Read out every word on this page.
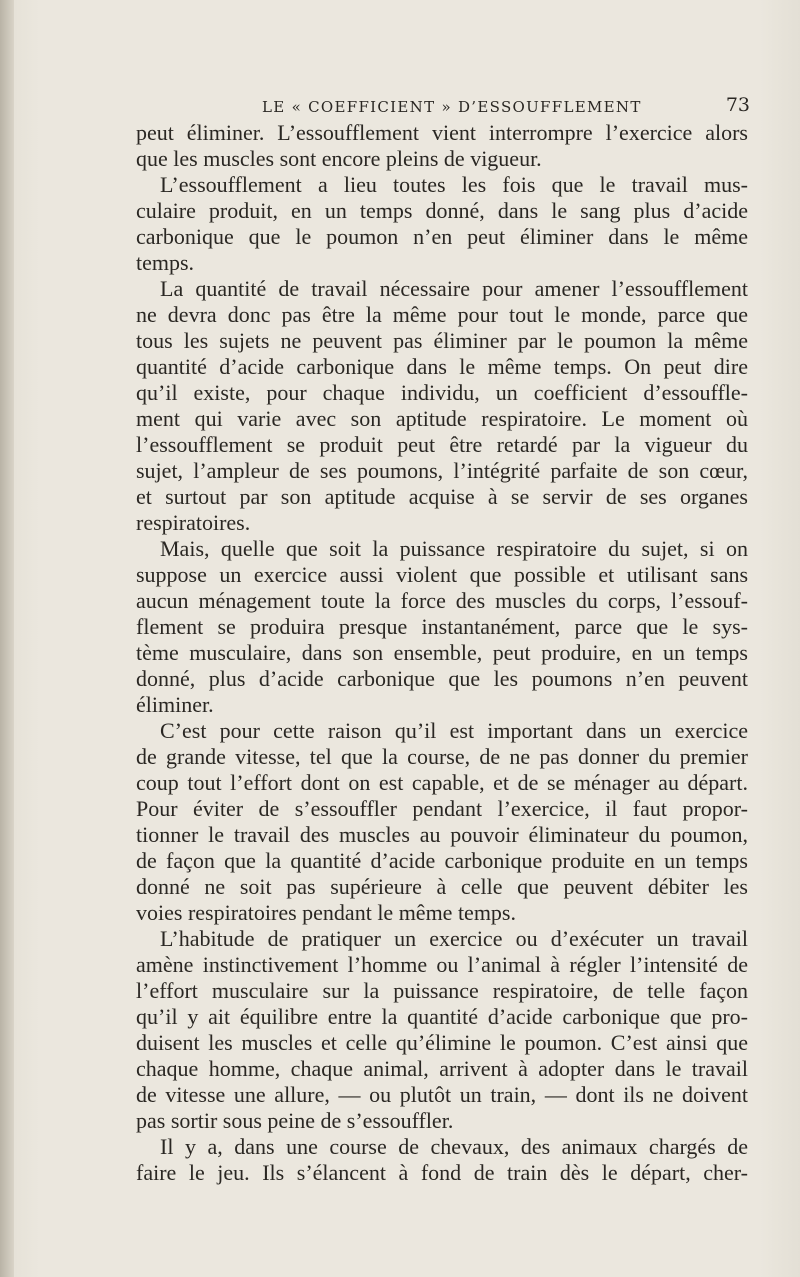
LE « COEFFICIENT » D’ESSOUFFLEMENT	73
peut éliminer. L’essoufflement vient interrompre l’exercice alors
que les muscles sont encore pleins de vigueur.
L’essoufflement a lieu toutes les fois que le travail mus-
culaire produit, en un temps donné, dans le sang plus d’acide
carbonique que le poumon n’en peut éliminer dans le même
temps.
La quantité de travail nécessaire pour amener l’essoufflement
ne devra donc pas être la même pour tout le monde, parce que
tous les sujets ne peuvent pas éliminer par le poumon la même
quantité d’acide carbonique dans le même temps. On peut dire
qu’il existe, pour chaque individu, un coefficient d’essouffle-
ment qui varie avec son aptitude respiratoire. Le moment où
l’essoufflement se produit peut être retardé par la vigueur du
sujet, l’ampleur de ses poumons, l’intégrité parfaite de son cœur,
et surtout par son aptitude acquise à se servir de ses organes
respiratoires.
Mais, quelle que soit la puissance respiratoire du sujet, si on
suppose un exercice aussi violent que possible et utilisant sans
aucun ménagement toute la force des muscles du corps, l’essouf-
flement se produira presque instantanément, parce que le sys-
tème musculaire, dans son ensemble, peut produire, en un temps
donné, plus d’acide carbonique que les poumons n’en peuvent
éliminer.
C’est pour cette raison qu’il est important dans un exercice
de grande vitesse, tel que la course, de ne pas donner du premier
coup tout l’effort dont on est capable, et de se ménager au départ.
Pour éviter de s’essouffler pendant l’exercice, il faut propor-
tionner le travail des muscles au pouvoir éliminateur du poumon,
de façon que la quantité d’acide carbonique produite en un temps
donné ne soit pas supérieure à celle que peuvent débiter les
voies respiratoires pendant le même temps.
L’habitude de pratiquer un exercice ou d’exécuter un travail
amène instinctivement l’homme ou l’animal à régler l’intensité de
l’effort musculaire sur la puissance respiratoire, de telle façon
qu’il y ait équilibre entre la quantité d’acide carbonique que pro-
duisent les muscles et celle qu’élimine le poumon. C’est ainsi que
chaque homme, chaque animal, arrivent à adopter dans le travail
de vitesse une allure, — ou plutôt un train, — dont ils ne doivent
pas sortir sous peine de s’essouffler.
Il y a, dans une course de chevaux, des animaux chargés de
faire le jeu. Ils s’élancent à fond de train dès le départ, cher-
